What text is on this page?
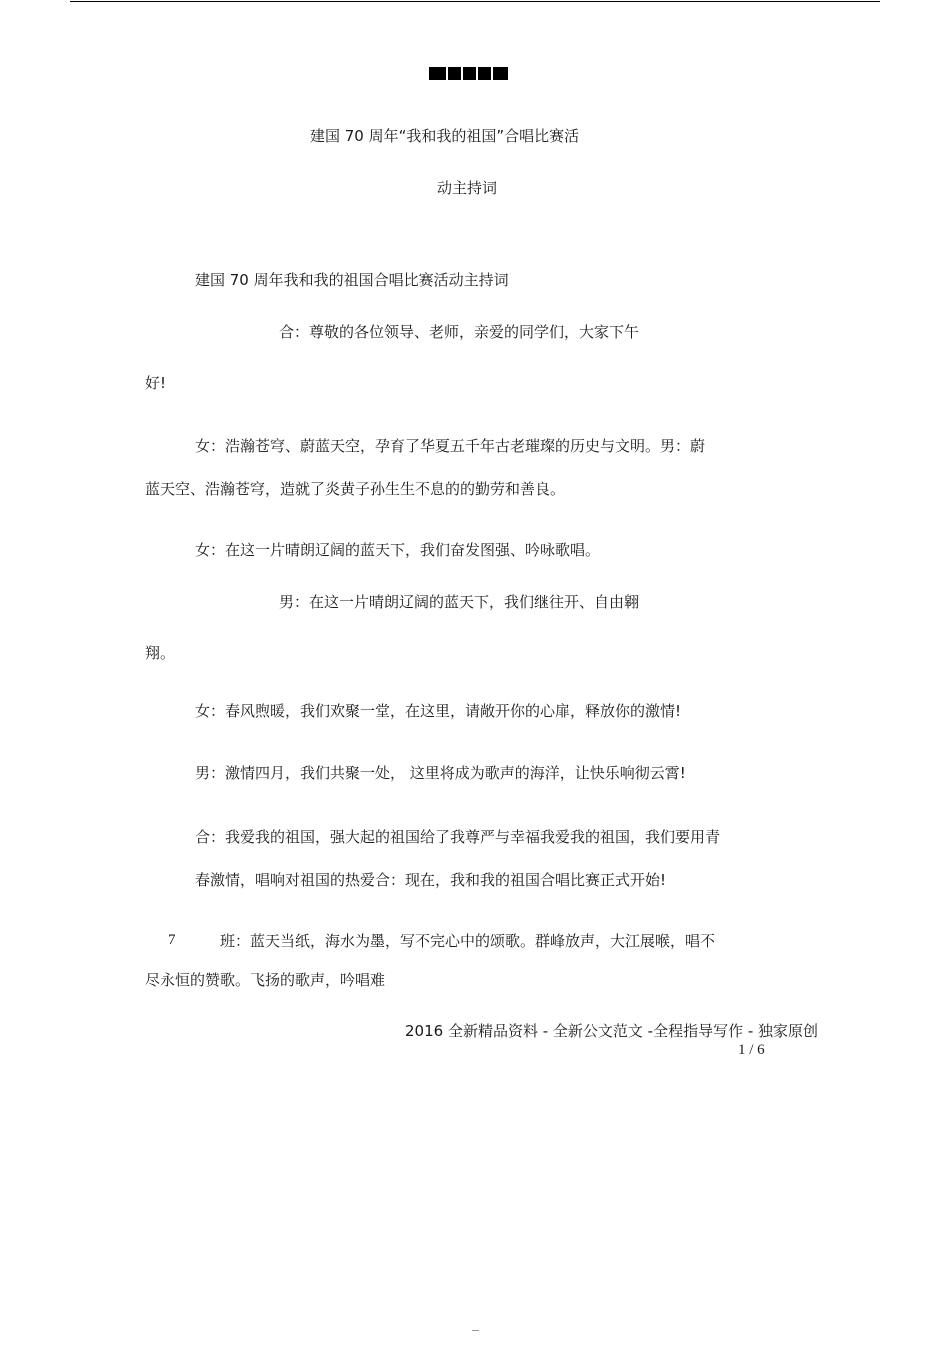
建国 70 周年“我和我的祖国”合唱比赛活
动主持词
建国 70 周年我和我的祖国合唱比赛活动主持词
合：尊敬的各位领导、老师，亲爱的同学们，大家下午
好!
女：浩瀚苍穹、蔚蓝天空，孕育了华夏五千年古老璀璨的历史与文明。男：蔚
蓝天空、浩瀚苍穹，造就了炎黄子孙生生不息的的勤劳和善良。
女：在这一片晴朗辽阔的蓝天下，我们奋发图强、吟咏歌唱。
男：在这一片晴朗辽阔的蓝天下，我们继往开、自由翱
翔。
女：春风煦暖，我们欢聚一堂，在这里，请敞开你的心扉，释放你的激情!
男：激情四月，我们共聚一处， 这里将成为歌声的海洋，让快乐响彻云霄!
合：我爱我的祖国，强大起的祖国给了我尊严与幸福我爱我的祖国，我们要用青
春激情，唱响对祖国的热爱合：现在，我和我的祖国合唱比赛正式开始!
7	班：蓝天当纸，海水为墨，写不完心中的颂歌。群峰放声，大江展喉，唱不
尽永恒的赞歌。飞扬的歌声，吟唱难
2016 全新精品资料 - 全新公文范文 -全程指导写作 - 独家原创
1 / 6
